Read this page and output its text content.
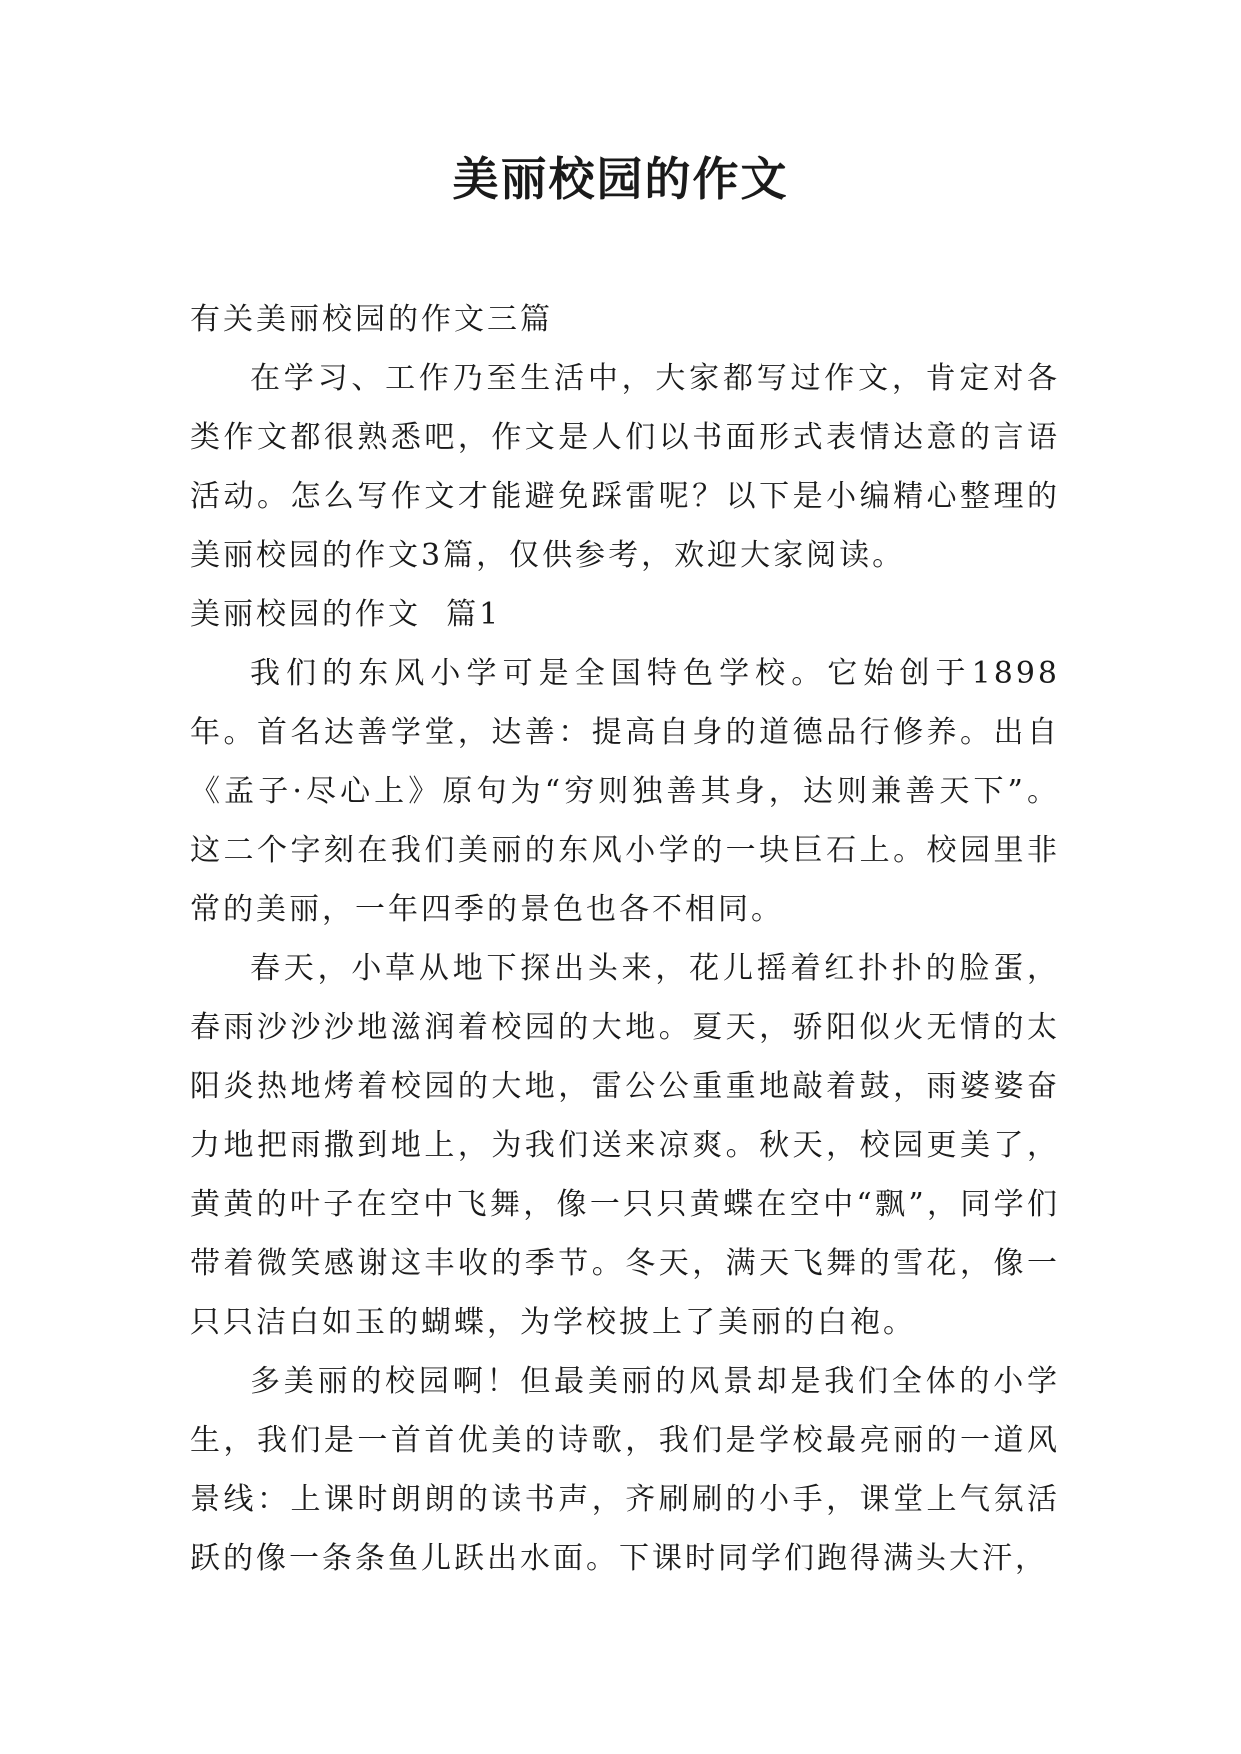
美丽校园的作文

有关美丽校园的作文三篇

在学习、工作乃至生活中，大家都写过作文，肯定对各类作文都很熟悉吧，作文是人们以书面形式表情达意的言语活动。怎么写作文才能避免踩雷呢？以下是小编精心整理的美丽校园的作文3篇，仅供参考，欢迎大家阅读。

美丽校园的作文  篇1

我们的东风小学可是全国特色学校。它始创于1898年。首名达善学堂，达善：提高自身的道德品行修养。出自《孟子·尽心上》原句为“穷则独善其身，达则兼善天下”。这二个字刻在我们美丽的东风小学的一块巨石上。校园里非常的美丽，一年四季的景色也各不相同。

春天，小草从地下探出头来，花儿摇着红扑扑的脸蛋，春雨沙沙沙地滋润着校园的大地。夏天，骄阳似火无情的太阳炎热地烤着校园的大地，雷公公重重地敲着鼓，雨婆婆奋力地把雨撒到地上，为我们送来凉爽。秋天，校园更美了，黄黄的叶子在空中飞舞，像一只只黄蝶在空中“飘”，同学们带着微笑感谢这丰收的季节。冬天，满天飞舞的雪花，像一只只洁白如玉的蝴蝶，为学校披上了美丽的白袍。

多美丽的校园啊！但最美丽的风景却是我们全体的小学生，我们是一首首优美的诗歌，我们是学校最亮丽的一道风景线：上课时朗朗的读书声，齐刷刷的小手，课堂上气氛活跃的像一条条鱼儿跃出水面。下课时同学们跑得满头大汗，
